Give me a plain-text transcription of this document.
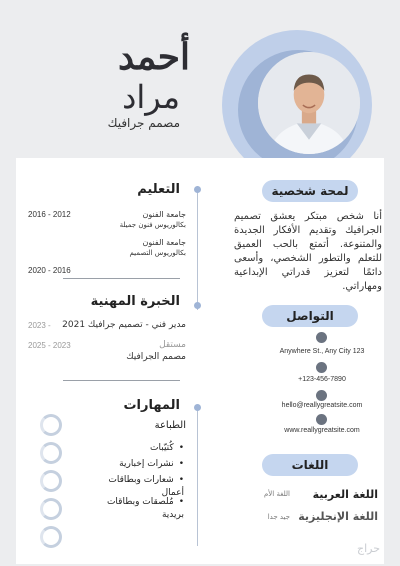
أحمد
مراد
مصمم جرافيك
لمحة شخصية
أنا شخص مبتكر يعشق تصميم الجرافيك وتقديم الأفكار الجديدة والمتنوعة. أتمتع بالحب العميق للتعلم والتطور الشخصي، وأسعى دائمًا لتعزيز قدراتي الإبداعية ومهاراتي.
التواصل
Anywhere St., Any City 123
+123-456-7890
hello@reallygreatsite.com
www.reallygreatsite.com
اللغات
اللغة العربية
اللغة الأم
اللغة الإنجليزية
جيد جدا
التعليم
جامعة الفنون
بكالوريوس فنون جميلة
2016 - 2012
جامعة الفنون
بكالوريوس التصميم
2020 - 2016
الخبرة المهنية
مدير فني - تصميم جرافيك 2021
2023 -
مستقل
2025 - 2023
مصمم الجرافيك
المهارات
الطباعة
• كُتيّبات
• نشرات إخبارية
• شعارات وبطاقات أعمال
• مُلصقات وبطاقات بريدية
حراج
